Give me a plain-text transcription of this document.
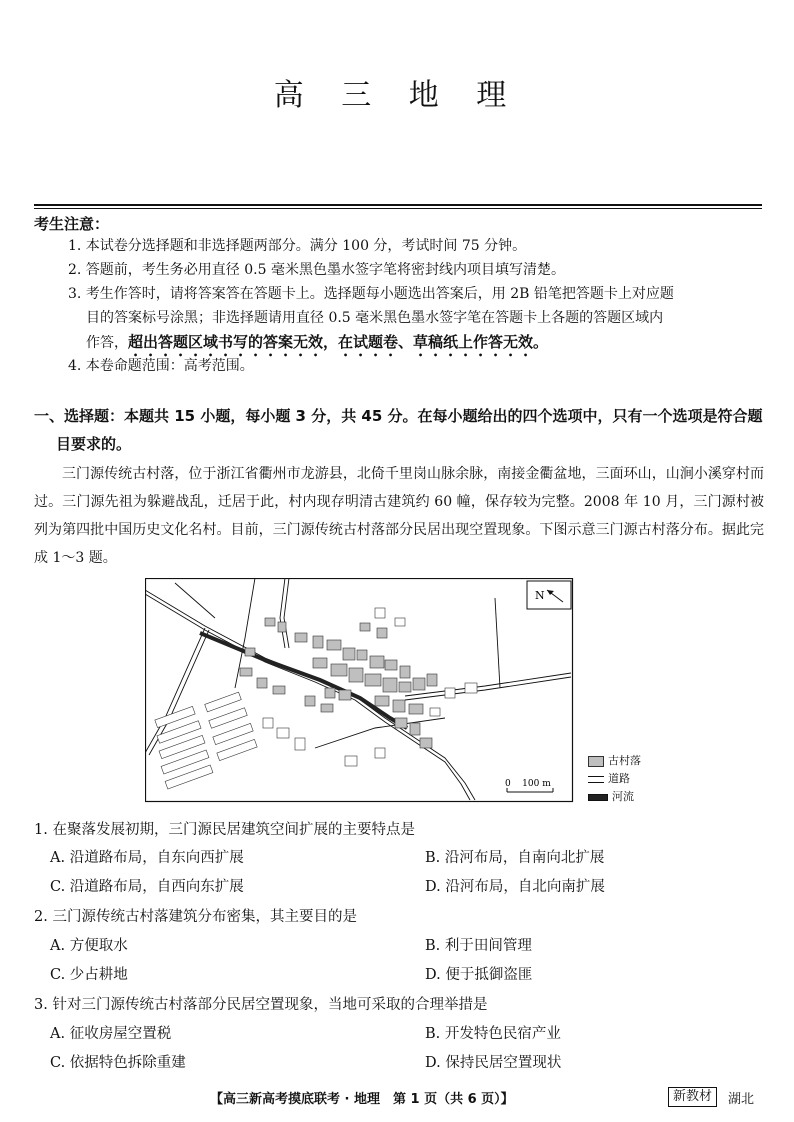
高 三 地 理
考生注意：
1. 本试卷分选择题和非选择题两部分。满分 100 分，考试时间 75 分钟。
2. 答题前，考生务必用直径 0.5 毫米黑色墨水签字笔将密封线内项目填写清楚。
3. 考生作答时，请将答案答在答题卡上。选择题每小题选出答案后，用 2B 铅笔把答题卡上对应题
目的答案标号涂黑；非选择题请用直径 0.5 毫米黑色墨水签字笔在答题卡上各题的答题区域内
作答，超出答题区域书写的答案无效，在试题卷、草稿纸上作答无效。
4. 本卷命题范围：高考范围。
一、选择题：本题共 15 小题，每小题 3 分，共 45 分。在每小题给出的四个选项中，只有一个选项是符合题
目要求的。
三门源传统古村落，位于浙江省衢州市龙游县，北倚千里岗山脉余脉，南接金衢盆地，三面环山，山涧小溪穿村而过。三门源先祖为躲避战乱，迁居于此，村内现存明清古建筑约 60 幢，保存较为完整。2008 年 10 月，三门源村被列为第四批中国历史文化名村。目前，三门源传统古村落部分民居出现空置现象。下图示意三门源古村落分布。据此完成 1～3 题。
N
0    100 m
古村落
道路
河流
1. 在聚落发展初期，三门源民居建筑空间扩展的主要特点是
A. 沿道路布局，自东向西扩展	B. 沿河布局，自南向北扩展
C. 沿道路布局，自西向东扩展	D. 沿河布局，自北向南扩展
2. 三门源传统古村落建筑分布密集，其主要目的是
A. 方便取水	B. 利于田间管理
C. 少占耕地	D. 便于抵御盗匪
3. 针对三门源传统古村落部分民居空置现象，当地可采取的合理举措是
A. 征收房屋空置税	B. 开发特色民宿产业
C. 依据特色拆除重建	D. 保持民居空置现状
【高三新高考摸底联考 · 地理　第 1 页（共 6 页）】	新教材	湖北
